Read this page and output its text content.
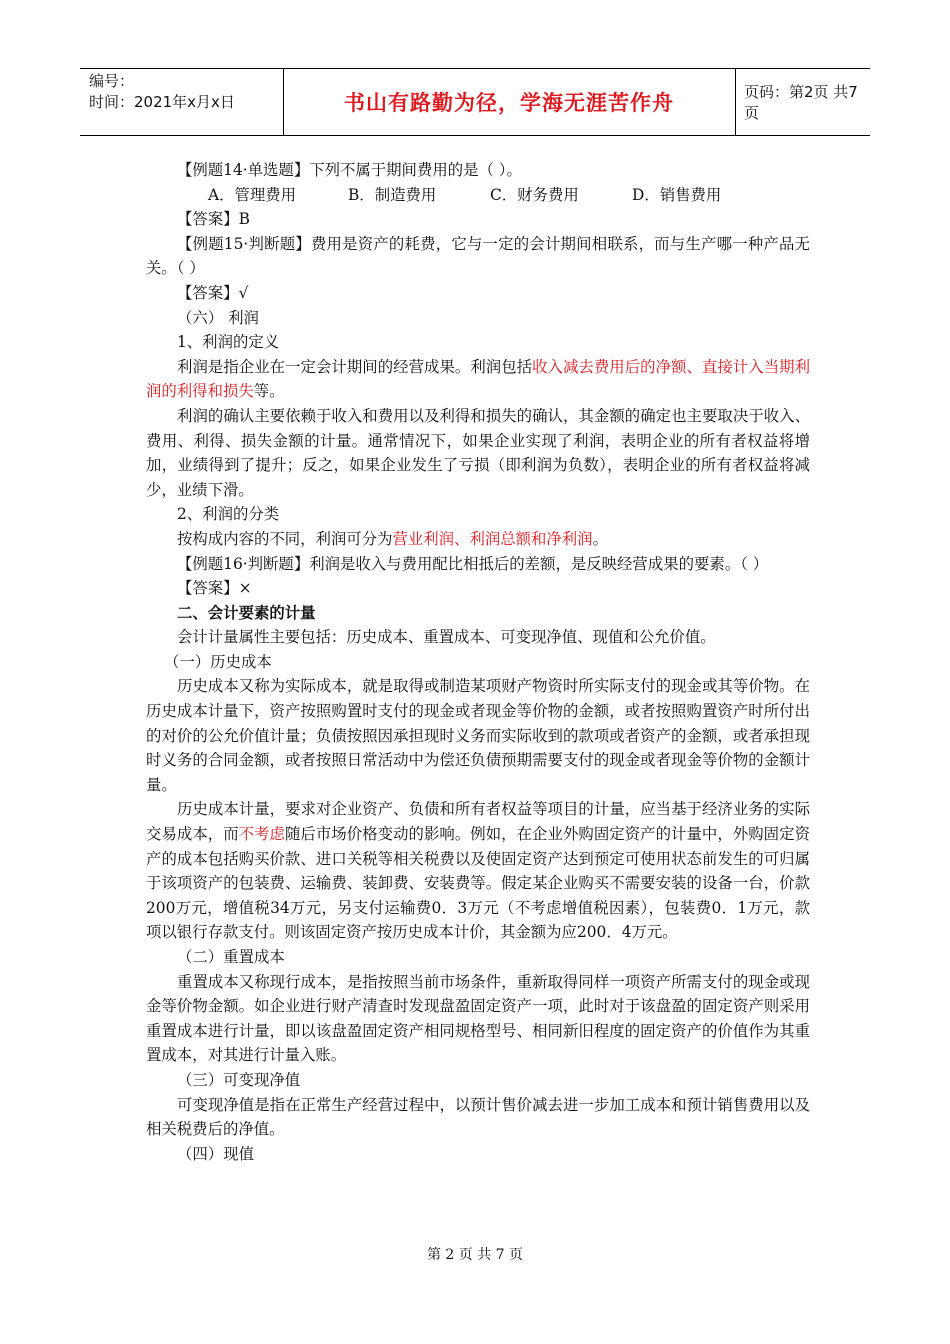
编号：
时间：2021年x月x日	书山有路勤为径，学海无涯苦作舟	页码：第2页 共7页

【例题14·单选题】下列不属于期间费用的是（ ）。

A．管理费用	B．制造费用	C．财务费用	D．销售费用

【答案】B

【例题15·判断题】费用是资产的耗费，它与一定的会计期间相联系，而与生产哪一种产品无关。（ ）

【答案】√

（六） 利润

1、利润的定义

利润是指企业在一定会计期间的经营成果。利润包括收入减去费用后的净额、直接计入当期利润的利得和损失等。

利润的确认主要依赖于收入和费用以及利得和损失的确认，其金额的确定也主要取决于收入、费用、利得、损失金额的计量。通常情况下，如果企业实现了利润，表明企业的所有者权益将增加，业绩得到了提升；反之，如果企业发生了亏损（即利润为负数），表明企业的所有者权益将减少，业绩下滑。

2、利润的分类

按构成内容的不同，利润可分为营业利润、利润总额和净利润。

【例题16·判断题】利润是收入与费用配比相抵后的差额，是反映经营成果的要素。（ ）

【答案】×

二、会计要素的计量

会计计量属性主要包括：历史成本、重置成本、可变现净值、现值和公允价值。

（一）历史成本

历史成本又称为实际成本，就是取得或制造某项财产物资时所实际支付的现金或其等价物。在历史成本计量下，资产按照购置时支付的现金或者现金等价物的金额，或者按照购置资产时所付出的对价的公允价值计量；负债按照因承担现时义务而实际收到的款项或者资产的金额，或者承担现时义务的合同金额，或者按照日常活动中为偿还负债预期需要支付的现金或者现金等价物的金额计量。

历史成本计量，要求对企业资产、负债和所有者权益等项目的计量，应当基于经济业务的实际交易成本，而不考虑随后市场价格变动的影响。例如，在企业外购固定资产的计量中，外购固定资产的成本包括购买价款、进口关税等相关税费以及使固定资产达到预定可使用状态前发生的可归属于该项资产的包装费、运输费、装卸费、安装费等。假定某企业购买不需要安装的设备一台，价款200万元，增值税34万元，另支付运输费0．3万元（不考虑增值税因素），包装费0．1万元，款项以银行存款支付。则该固定资产按历史成本计价，其金额为应200．4万元。

（二）重置成本

重置成本又称现行成本，是指按照当前市场条件，重新取得同样一项资产所需支付的现金或现金等价物金额。如企业进行财产清查时发现盘盈固定资产一项，此时对于该盘盈的固定资产则采用重置成本进行计量，即以该盘盈固定资产相同规格型号、相同新旧程度的固定资产的价值作为其重置成本，对其进行计量入账。

（三）可变现净值

可变现净值是指在正常生产经营过程中，以预计售价减去进一步加工成本和预计销售费用以及相关税费后的净值。

（四）现值

第 2 页 共 7 页
